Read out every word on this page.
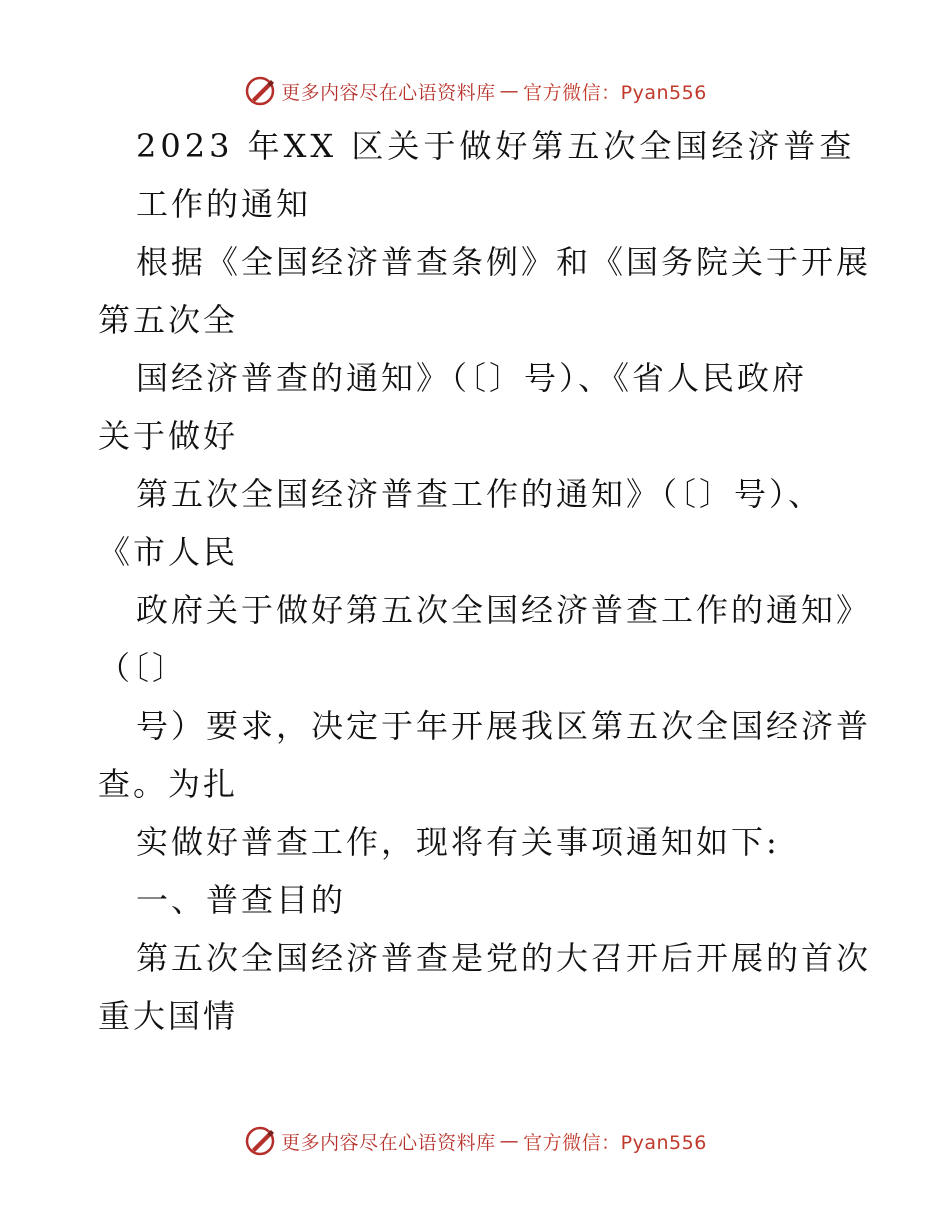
更多内容尽在心语资料库 — 官方微信：Pyan556
2023 年XX 区关于做好第五次全国经济普查
工作的通知
根据《全国经济普查条例》和《国务院关于开展
第五次全
国经济普查的通知》（〔〕号）、《省人民政府
关于做好
第五次全国经济普查工作的通知》（〔〕号）、
《市人民
政府关于做好第五次全国经济普查工作的通知》
（〔〕
号）要求，决定于年开展我区第五次全国经济普
查。为扎
实做好普查工作，现将有关事项通知如下:
一、普查目的
第五次全国经济普查是党的大召开后开展的首次
重大国情
更多内容尽在心语资料库 — 官方微信：Pyan556
